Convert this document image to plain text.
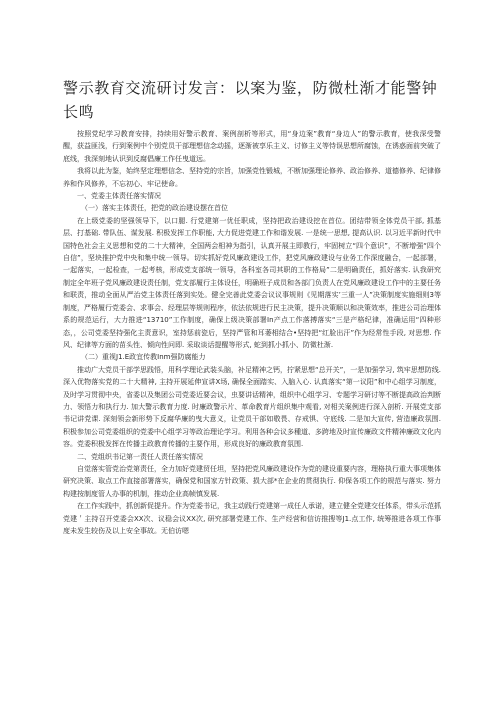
警示教育交流研讨发言：以案为鉴，防微杜渐才能警钟长鸣

按照党纪学习教育安排，持续用好警示教育、案例剖析等形式，用“身边案”教育“身边人”的警示教育，使我深受警醒，获益匪浅，行到案例中个别党员干部理想信念动摇，逐渐被享乐主义、讨修主义等恃误思想所腐蚀，在诱惑面前突破了底线，我深刻地认识到反腐倡廉工作任曳道远。

我将以此为鉴，始终坚定理想信念、坚持党的宗旨，加强党性锻城，不断加强理论修养、政治修养、道德修养、纪律修养和作风修养，不忘初心、牢记使命。

一、党委主体责任落实情况

（一）落实主体责任，把党的政治建设摆在首位

在上级党委的坚强领导下，以口腿. 行党建第一优任职成，坚持把政治建设挖在首位。团结带领全体党员干部, 抓基层、打基础. 带队伍、谋发展. 积极发挥工作职能, 大力促进党建工作和谐发展. 一是统一思想, 提高认识. 以习近平新时代中国特色社会主义思想和党的二十大精神，全国两会相神为指引，认真开展主即教行，牢固树立“四个意识”，不断增强“四个自信”，坚块推护党中央和集中统一领导。切实抓好党风廉政建设工作，把党风廉政建设与业务工作深度融合，一起部署，一起落实，一起检查，一起考核，形成党支部统一领导，各科室各司其职的工作格局”二是明确责任，抓好落实. 认我研究制定全年班子党风廉政建设责任制，党支部履行主体设任，明确班子成员和各部门负责人在党风廉政建设工作中的主要任务和联责，推动全面从严治党主体责任落到实处。健全完善此党委会议议事规则《见期落实’三重一人”决策制度实施细则3等制度，严格履行党委会、求事会、经理层等规则程序，依法依规进行民主决策，提升决策顺以和决策效率，推进公司治理体系的规范运行，大力推进“13710”工作制度，确保上级决策部署In产点工作落搏落实“三是产格纪律，准确运用“四种形态，，公司党委坚持强化主责意识，室持惩前瓷后，坚持严管和耳萎相结合•坚持把“红脸出汗”作为经常性手段, 对思想. 作风、纪律等方面的苗头性、倾向性问即. 采取谈话提醒等形式, 蛇到抓小抓小、防微杜渐.

（二）重视J1.E政宜传教Inm强防腐能力

推动广大党员干部学思践悟，用科学理论武装头脑，补足精神之钙，拧紧思想“总开关”，一是加强学习, 筑牢思想防线. 深入优物落实党的二十大精神, 主持开展延伸宣讲X场, 确保全面踏实、入脑入心. 认真落实“第一议阳”和中心组学习制度，及时学习贯彻中央，省委以及集团公司党委近要会议，虫要讲话精神，组织中心组学习、专题学习研讨等不断提高政治判断力、领悟力和执行力. 加大警示教育力度. 时廉政警示片、革命教育片组织集中观看, 对相关案例进行深入剖析. 开展党支部书记讲党课. 深刻领会新形势下反腐华廉的曳大意义，让党员干部如敬畏、存戒惧、守底线. 二是加大宣传, 营造廉政氛围. 积极参加公司党委组织的党委中心组学习等政治理论学习。利用各种会议多種道、多跨地及时宣传廉政文件精神廉政文化内容。党委积极发挥在传播主政教育传播的主要作用，形成良好的廉政教育氛围.

二、党组织书记第一责任人责任落实情况

自觉落实管党治党第责任，全力加好党建贸任坦，坚持把党风廉政建设作为党的建设重要内容，理格执行重大事项集体研究决策、取点工作直接部署落实，确保党和国家方针政策、损大部*在企业的贯彻执行. 仰保各项工作的规范与落实. 努力构建按制度管人办事的机制，推动企业高帧慎发展.

在工作实践中，抓创新促提升。作为党委书记，我主动践行党建第一成任人承诺，建立健全党建交任体系，带头示范抓党建＇主持召开党委会XX次、议稳会议XX次, 研究部署党建工作、生产经营和信访推搜等J1.点工作, 统筹推进各项工作事度未发生较伤及以上安全事故。无伯访嗯
